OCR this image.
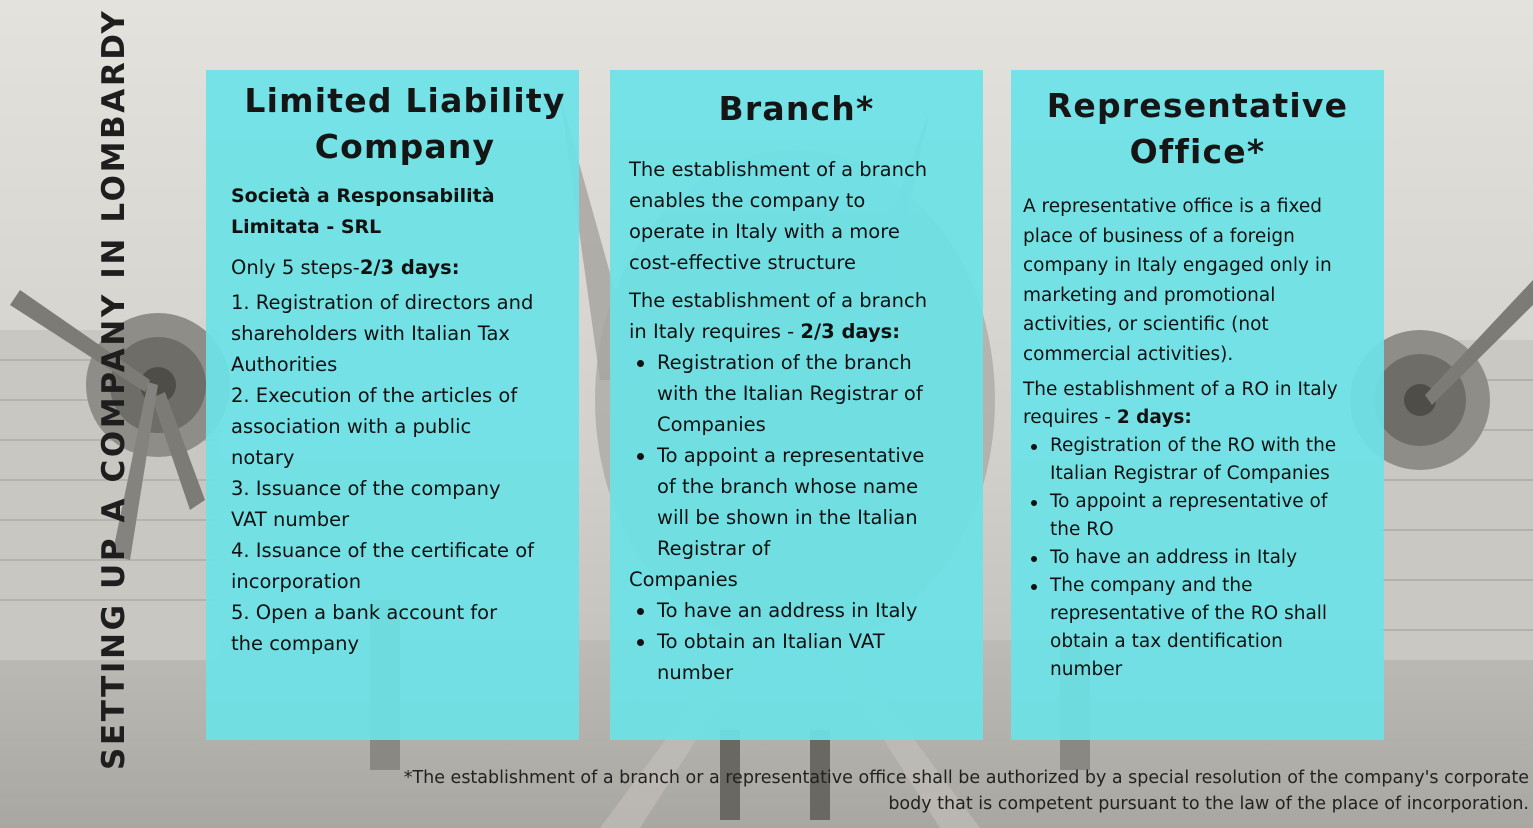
SETTING UP A COMPANY IN LOMBARDY	Limited Liability
Company
Società a Responsabilità
Limitata - SRL
Only 5 steps-2/3 days:
1. Registration of directors and
shareholders with Italian Tax
Authorities
2. Execution of the articles of
association with a public
notary
3. Issuance of the company
VAT number
4. Issuance of the certificate of
incorporation
5. Open a bank account for
the company
Branch*
The establishment of a branch
enables the company to
operate in Italy with a more
cost-effective structure
The establishment of a branch
in Italy requires - 2/3 days:
Registration of the branch
with the Italian Registrar of
Companies
To appoint a representative
of the branch whose name
will be shown in the Italian
Registrar of
Companies
To have an address in Italy
To obtain an Italian VAT
number
Representative
Office*
A representative office is a fixed
place of business of a foreign
company in Italy engaged only in
marketing and promotional
activities, or scientific (not
commercial activities).
The establishment of a RO in Italy
requires - 2 days:
Registration of the RO with the
Italian Registrar of Companies
To appoint a representative of
the RO
To have an address in Italy
The company and the
representative of the RO shall
obtain a tax dentification
number
*The establishment of a branch or a representative office shall be authorized by a special resolution of the company's corporate
body that is competent pursuant to the law of the place of incorporation.
